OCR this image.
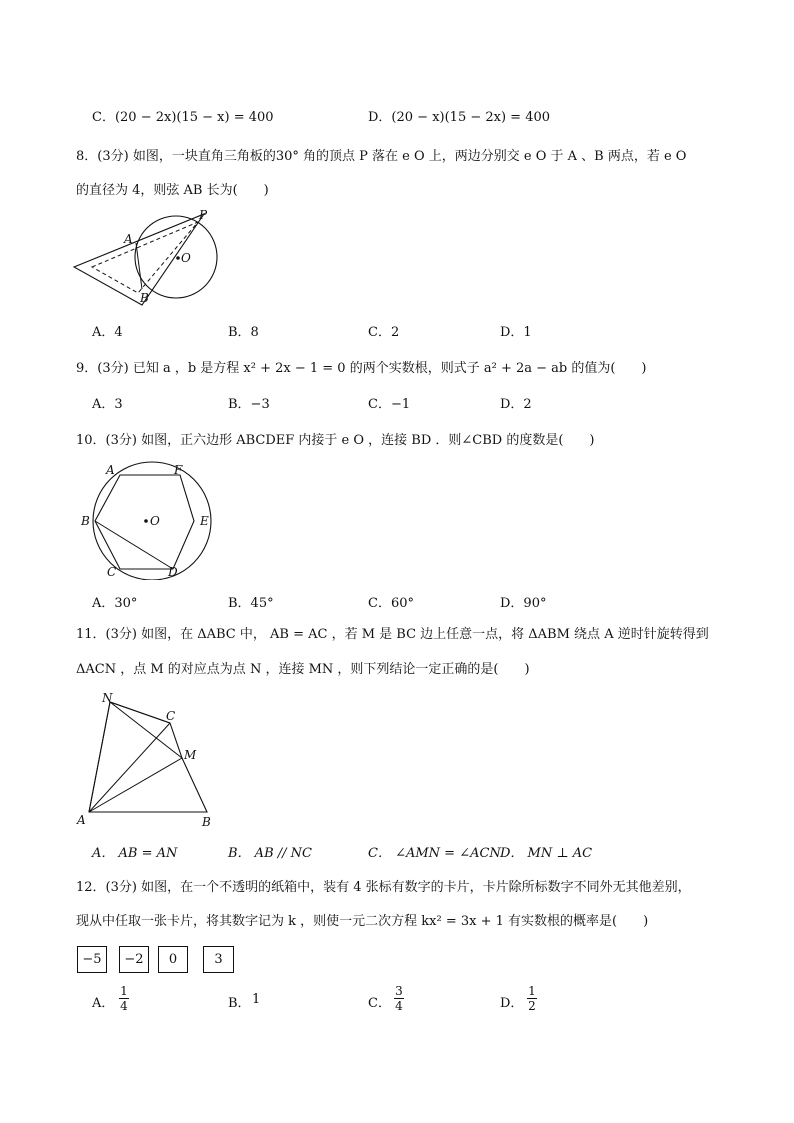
C．(20 − 2x)(15 − x) = 400	D．(20 − x)(15 − 2x) = 400
8．(3分) 如图，一块直角三角板的30° 角的顶点 P 落在 e O 上，两边分别交 e O 于 A 、B 两点，若 e O
的直径为 4，则弦 AB 长为(　　)
A
B
P
O
A．4	B．8	C．2	D．1
9．(3分) 已知 a ，b 是方程 x² + 2x − 1 = 0 的两个实数根，则式子 a² + 2a − ab 的值为(　　)
A．3	B．−3	C．−1	D．2
10．(3分) 如图，正六边形 ABCDEF 内接于 e O ，连接 BD ．则∠CBD 的度数是(　　)
A	F
B	E
C	D
O
A．30°	B．45°	C．60°	D．90°
11．(3分) 如图，在 ΔABC 中， AB = AC ，若 M 是 BC 边上任意一点，将 ΔABM 绕点 A 逆时针旋转得到
ΔACN ，点 M 的对应点为点 N ，连接 MN ，则下列结论一定正确的是(　　)
N
C
M
A	B
A． AB = AN	B． AB // NC	C． ∠AMN = ∠ACN D． MN ⊥ AC
12．(3分) 如图，在一个不透明的纸箱中，装有 4 张标有数字的卡片，卡片除所标数字不同外无其他差别，
现从中任取一张卡片，将其数字记为 k ，则使一元二次方程 kx² = 3x + 1 有实数根的概率是(　　)
−5	−2	0	3
A．
1
4	B． 1	C．
3
4	D．
1
2
